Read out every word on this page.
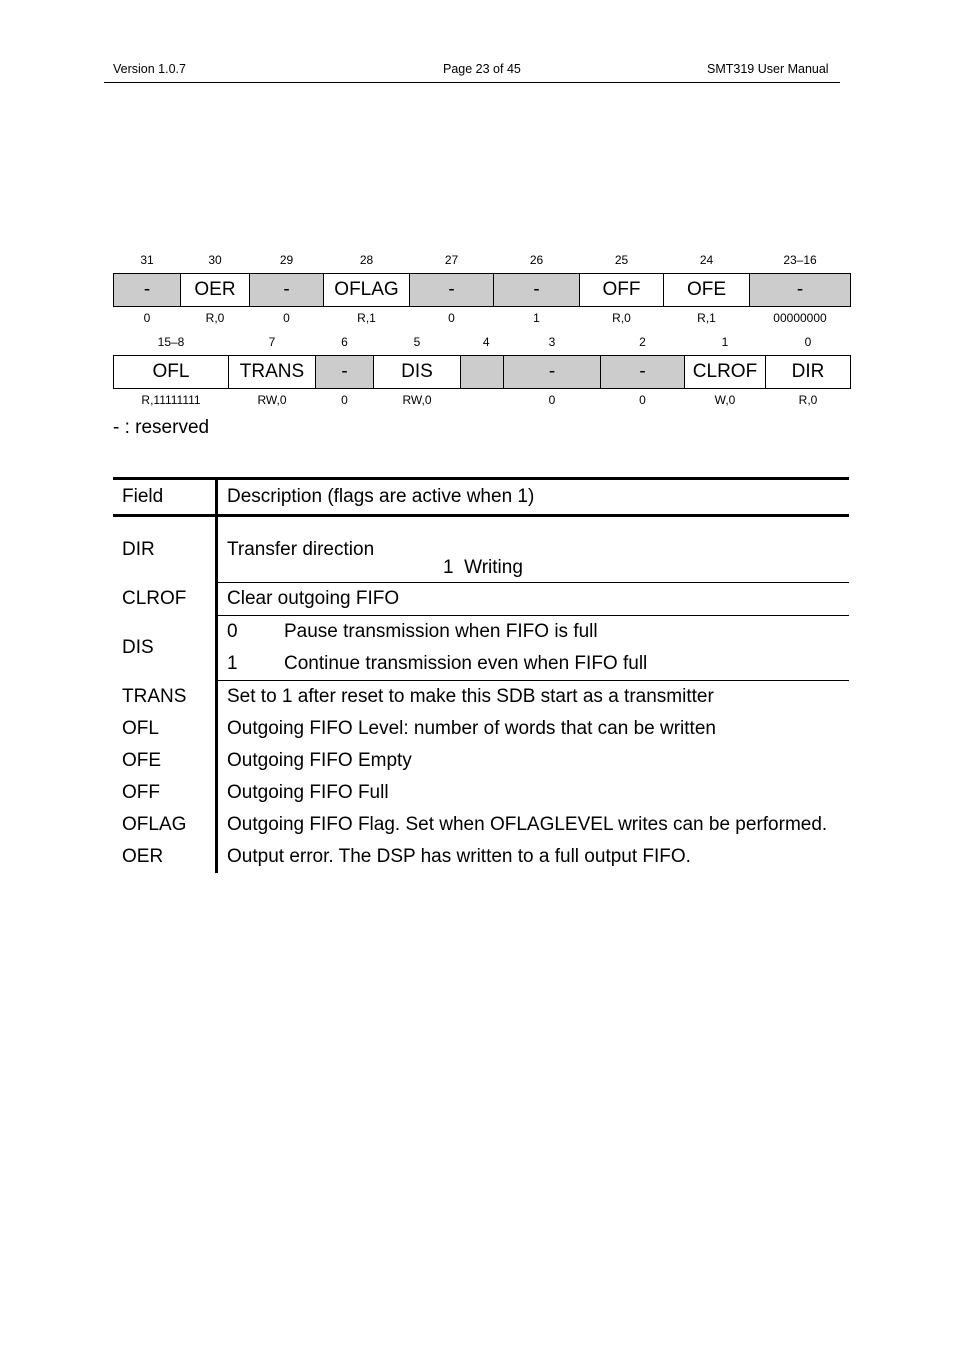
Version 1.0.7	Page 23 of 45	SMT319 User Manual
31	30	29	28	27	26	25	24	23–16
-	OER	-	OFLAG	-	-	OFF	OFE	-
0	R,0	0	R,1	0	1	R,0	R,1	00000000
15–8	7	6	5	4	3	2	1	0
OFL	TRANS	-	DIS		-	-	CLROF	DIR
R,11111111	RW,0	0	RW,0		0	0	W,0	R,0
- : reserved
Field	Description (flags are active when 1)
DIR	Transfer direction
1  Writing

CLROF	Clear outgoing FIFO
DIS	0 Pause transmission when FIFO is full
1 Continue transmission even when FIFO full

TRANS	Set to 1 after reset to make this SDB start as a transmitter
OFL	Outgoing FIFO Level: number of words that can be written
OFE	Outgoing FIFO Empty
OFF	Outgoing FIFO Full
OFLAG	Outgoing FIFO Flag. Set when OFLAGLEVEL writes can be performed.
OER	Output error. The DSP has written to a full output FIFO.
